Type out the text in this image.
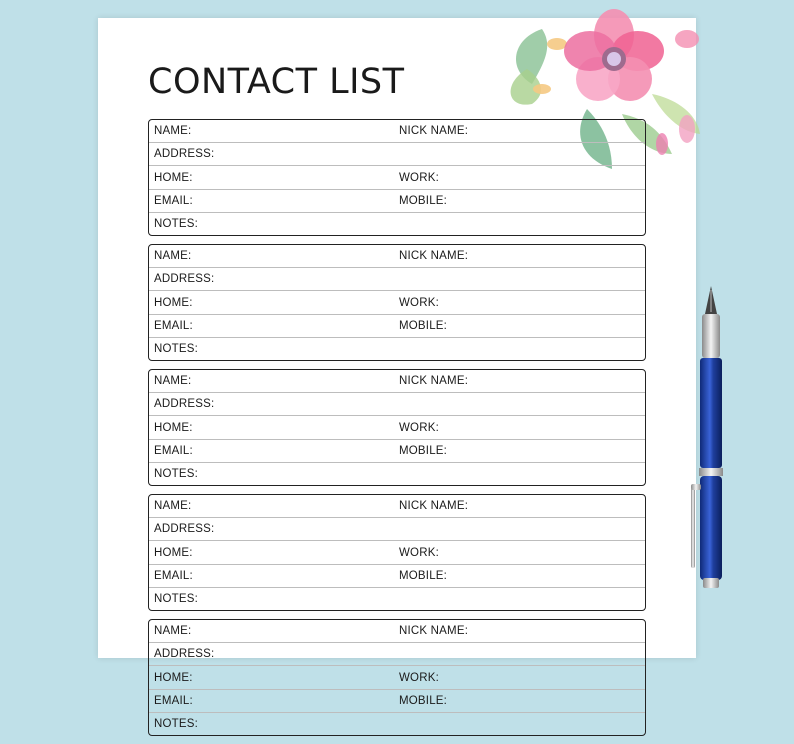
CONTACT LIST
NAME:	NICK NAME:
ADDRESS:
HOME:	WORK:
EMAIL:	MOBILE:
NOTES:
NAME:	NICK NAME:
ADDRESS:
HOME:	WORK:
EMAIL:	MOBILE:
NOTES:
NAME:	NICK NAME:
ADDRESS:
HOME:	WORK:
EMAIL:	MOBILE:
NOTES:
NAME:	NICK NAME:
ADDRESS:
HOME:	WORK:
EMAIL:	MOBILE:
NOTES:
NAME:	NICK NAME:
ADDRESS:
HOME:	WORK:
EMAIL:	MOBILE:
NOTES:
